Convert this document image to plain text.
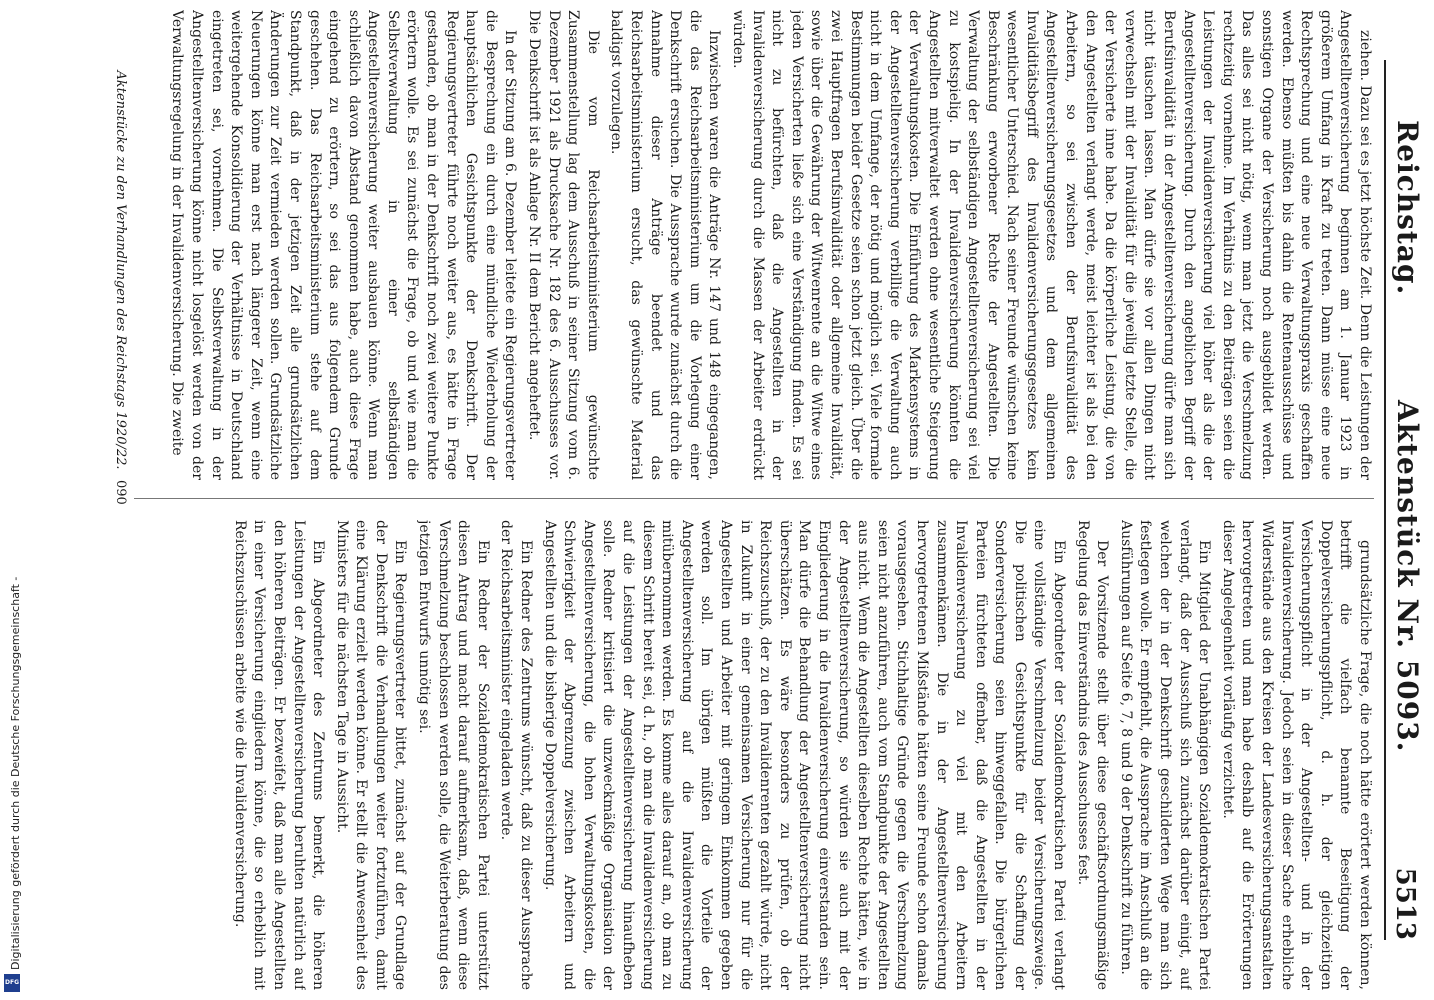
Digitalisierung gefördert durch die Deutsche Forschungsgemeinschaft -
DFG
Reichstag.
Aktenstück Nr. 5093.
5513

ziehen. Dazu sei es jetzt höchste Zeit. Denn die Leistungen der Angestelltenversicherung beginnen am 1. Januar 1923 in größerem Umfang in Kraft zu treten. Dann müsse eine neue Rechtsprechung und eine neue Verwaltungspraxis geschaffen werden. Ebenso müßten bis dahin die Rentenausschüsse und sonstigen Organe der Versicherung noch ausgebildet werden. Das alles sei nicht nötig, wenn man jetzt die Verschmelzung rechtzeitig vornehme. Im Verhältnis zu den Beiträgen seien die Leistungen der Invalidenversicherung viel höher als die der Angestelltenversicherung. Durch den angeblichen Begriff der Berufsinvalidität in der Angestelltenversicherung dürfe man sich nicht täuschen lassen. Man dürfe sie vor allen Dingen nicht verwechseln mit der Invalidität für die jeweilig letzte Stelle, die der Versicherte inne habe. Da die körperliche Leistung, die von den Angestellten verlangt werde, meist leichter ist als bei den Arbeitern, so sei zwischen der Berufsinvalidität des Angestelltenversicherungsgesetzes und dem allgemeinen Invaliditätsbegriff des Invalidenversicherungsgesetzes kein wesentlicher Unterschied. Nach seiner Freunde wünschen keine Beschränkung erworbener Rechte der Angestellten. Die Verwaltung der selbständigen Angestelltenversicherung sei viel zu kostspielig. In der Invalidenversicherung könnten die Angestellten mitverwaltet werden ohne wesentliche Steigerung der Verwaltungskosten. Die Einführung des Markensystems in der Angestelltenversicherung verbillige die Verwaltung auch nicht in dem Umfange, der nötig und möglich sei. Viele formale Bestimmungen beider Gesetze seien schon jetzt gleich. Über die zwei Hauptfragen Berufsinvalidität oder allgemeine Invalidität, sowie über die Gewährung der Witwenrente an die Witwe eines jeden Versicherten ließe sich eine Verständigung finden. Es sei nicht zu befürchten, daß die Angestellten in der Invalidenversicherung durch die Massen der Arbeiter erdrückt würden.

Inzwischen waren die Anträge Nr. 147 und 148 eingegangen, die das Reichsarbeitsministerium um die Vorlegung einer Denkschrift ersuchen. Die Aussprache wurde zunächst durch die Annahme dieser Anträge beendet und das Reichsarbeitsministerium ersucht, das gewünschte Material baldigst vorzulegen.

Die vom Reichsarbeitsministerium gewünschte Zusammenstellung lag dem Ausschuß in seiner Sitzung vom 6. Dezember 1921 als Drucksache Nr. 182 des 6. Ausschusses vor. Die Denkschrift ist als Anlage Nr. II dem Bericht angeheftet.

In der Sitzung am 6. Dezember leitete ein Regierungsvertreter die Besprechung ein durch eine mündliche Wiederholung der hauptsächlichen Gesichtspunkte der Denkschrift. Der Regierungsvertreter führte noch weiter aus, es hätte in Frage gestanden, ob man in der Denkschrift noch zwei weitere Punkte erörtern wolle. Es sei zunächst die Frage, ob und wie man die Selbstverwaltung in einer selbständigen Angestelltenversicherung weiter ausbauen könne. Wenn man schließlich davon Abstand genommen habe, auch diese Frage eingehend zu erörtern, so sei das aus folgendem Grunde geschehen. Das Reichsarbeitsministerium stehe auf dem Standpunkt, daß in der jetzigen Zeit alle grundsätzlichen Änderungen zur Zeit vermieden werden sollen. Grundsätzliche Neuerungen könne man erst nach längerer Zeit, wenn eine weitergehende Konsolidierung der Verhältnisse in Deutschland eingetreten sei, vornehmen. Die Selbstverwaltung in der Angestelltenversicherung könne nicht losgelöst werden von der Verwaltungsregelung in der Invalidenversicherung. Die zweite

grundsätzliche Frage, die noch hätte erörtert werden können, betrifft die vielfach benannte Beseitigung der Doppelversicherungspflicht, d. h. der gleichzeitigen Versicherungspflicht in der Angestellten- und in der Invalidenversicherung. Jedoch seien in dieser Sache erhebliche Widerstände aus den Kreisen der Landesversicherungsanstalten hervorgetreten und man habe deshalb auf die Erörterungen dieser Angelegenheit vorläufig verzichtet.

Ein Mitglied der Unabhängigen Sozialdemokratischen Partei verlangt, daß der Ausschuß sich zunächst darüber einigt, auf welchen der in der Denkschrift geschilderten Wege man sich festlegen wolle. Er empfiehlt, die Aussprache im Anschluß an die Ausführungen auf Seite 6, 7, 8 und 9 der Denkschrift zu führen.

Der Vorsitzende stellt über diese geschäftsordnungsmäßige Regelung das Einverständnis des Ausschusses fest.

Ein Abgeordneter der Sozialdemokratischen Partei verlangt eine vollständige Verschmelzung beider Versicherungszweige. Die politischen Gesichtspunkte für die Schaffung der Sonderversicherung seien hinweggefallen. Die bürgerlichen Parteien fürchteten offenbar, daß die Angestellten in der Invalidenversicherung zu viel mit den Arbeitern zusammenkämen. Die in der Angestelltenversicherung hervorgetretenen Mißstände hätten seine Freunde schon damals vorausgesehen. Stichhaltige Gründe gegen die Verschmelzung seien nicht anzuführen, auch vom Standpunkte der Angestellten aus nicht. Wenn die Angestellten dieselben Rechte hätten, wie in der Angestelltenversicherung, so würden sie auch mit der Eingliederung in die Invalidenversicherung einverstanden sein. Man dürfe die Behandlung der Angestelltenversicherung nicht überschätzen. Es wäre besonders zu prüfen, ob der Reichszuschuß, der zu den Invalidenrenten gezahlt würde, nicht in Zukunft in einer gemeinsamen Versicherung nur für die Angestellten und Arbeiter mit geringem Einkommen gegeben werden soll. Im übrigen müßten die Vorteile der Angestelltenversicherung auf die Invalidenversicherung mitübernommen werden. Es komme alles darauf an, ob man zu diesem Schritt bereit sei, d. h., ob man die Invalidenversicherung auf die Leistungen der Angestelltenversicherung hinaufheben solle. Redner kritisiert die unzweckmäßige Organisation der Angestelltenversicherung, die hohen Verwaltungskosten, die Schwierigkeit der Abgrenzung zwischen Arbeitern und Angestellten und die bisherige Doppelversicherung.

Ein Redner des Zentrums wünscht, daß zu dieser Aussprache der Reichsarbeitsminister eingeladen werde.

Ein Redner der Sozialdemokratischen Partei unterstützt diesen Antrag und macht darauf aufmerksam, daß, wenn diese Verschmelzung beschlossen werden solle, die Weiterberatung des jetzigen Entwurfs unnötig sei.

Ein Regierungsvertreter bittet, zunächst auf der Grundlage der Denkschrift die Verhandlungen weiter fortzuführen, damit eine Klärung erzielt werden könne. Er stellt die Anwesenheit des Ministers für die nächsten Tage in Aussicht.

Ein Abgeordneter des Zentrums bemerkt, die höheren Leistungen der Angestelltenversicherung beruhten natürlich auf den höheren Beiträgen. Er bezweifelt, daß man alle Angestellten in einer Versicherung eingliedern könne, die so erheblich mit Reichszuschüssen arbeite wie die Invalidenversicherung.

Aktenstücke zu den Verhandlungen des Reichstags 1920/22.
090
